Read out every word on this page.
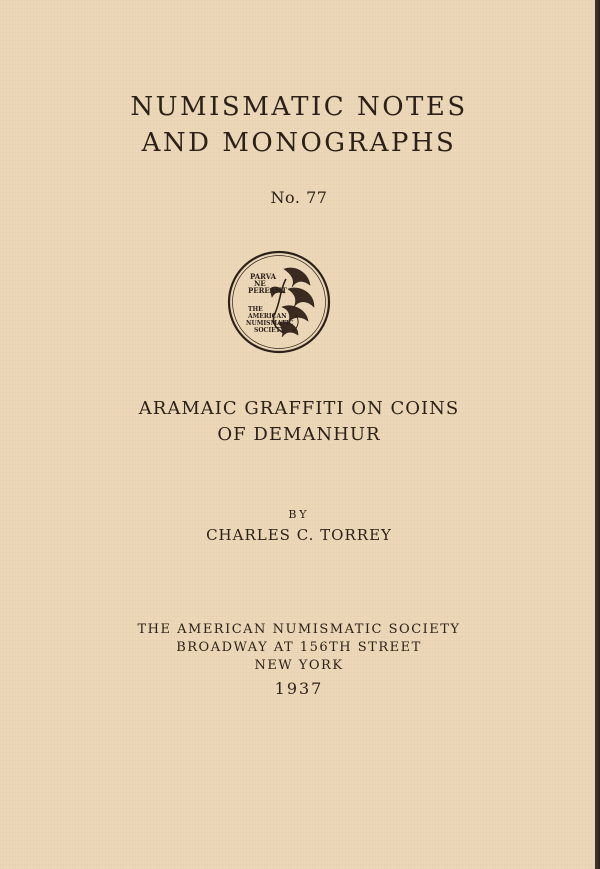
NUMISMATIC NOTES
AND MONOGRAPHS
No. 77
PARVA
NE
PEREANT
THE
AMERICAN
NUMISMATIC
SOCIETY
ARAMAIC GRAFFITI ON COINS
OF DEMANHUR
BY
CHARLES C. TORREY
THE AMERICAN NUMISMATIC SOCIETY
BROADWAY AT 156TH STREET
NEW YORK
1937
